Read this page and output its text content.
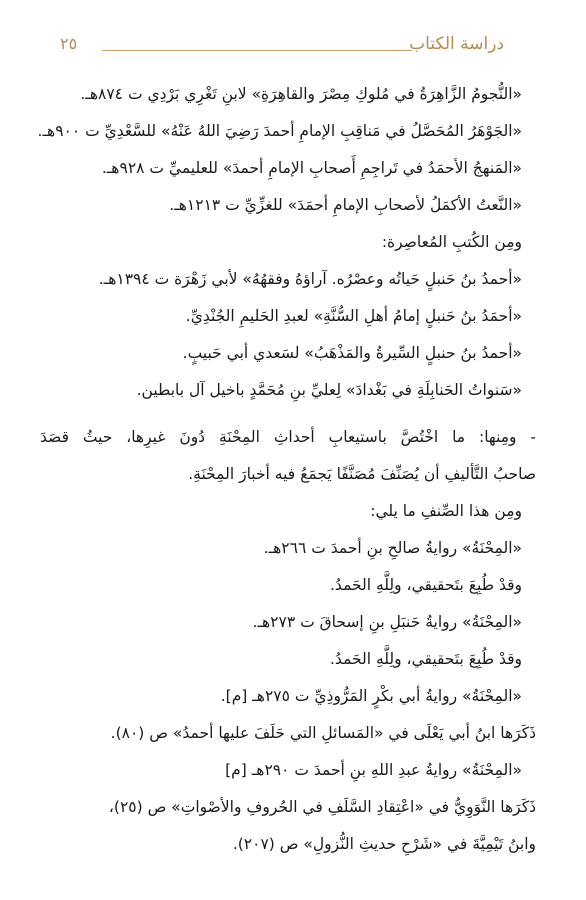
دراسة الكتاب
٢٥
«النُّجومُ الزَّاهِرَةُ في مُلوكِ مِصْرَ والقاهِرَةِ» لابنِ تَغْرِي بَرْدِي ت ٨٧٤هـ.
«الجَوْهَرُ المُحَصَّلُ في مَناقِبِ الإمامِ أحمدَ رَضِيَ اللهُ عَنْهُ» للسَّعْدِيِّ ت ٩٠٠هـ.
«المَنهجُ الأحمَدُ في تَراجِمِ أَصحابِ الإمامِ أحمدَ» للعليميِّ ت ٩٢٨هـ.
«النَّعتُ الأكمَلُ لأصحابِ الإمامِ أحمَدَ» للغزِّيِّ ت ١٢١٣هـ.
ومِن الكُتبِ المُعاصِرة:
«أحمدُ بنُ حَنبلٍ حَياتُه وعصْرُه. آراؤهُ وفقهُهُ» لأبي زَهْرَة ت ١٣٩٤هـ.
«أحمَدُ بنُ حَنبلٍ إمامُ أهلِ السُّنَّةِ» لعبدِ الحَليمِ الجُنْدِيِّ.
«أحمدُ بنُ حنبلٍ السِّيرةُ والمَذْهَبُ» لسَعدي أبي حَبيبٍ.
«سَنواتُ الحَنابِلَةِ في بَغْدادَ» لِعليِّ بنِ مُحَمَّدٍ باخيل آل بابطين.
- ومِنها: ما اخْتُصَّ باستيعابِ أحداثِ المِحْنَةِ دُونَ غيرِها، حيثُ قصَدَ
صاحبُ التَّأليفِ أن يُصَنِّفَ مُصَنَّفًا يَجمَعُ فيه أخبارَ المِحْنَةِ.
ومِن هذا الصِّنفِ ما يلي:
«المِحْنَةُ» روايةُ صالحِ بنِ أحمدَ ت ٢٦٦هـ.
وقدْ طُبِعَ بتَحقيقي، ولِلَّهِ الحَمدُ.
«المِحْنَةُ» روايةُ حَنبَلِ بنِ إسحاقَ ت ٢٧٣هـ.
وقدْ طُبِعَ بتَحقيقي، ولِلَّهِ الحَمدُ.
«المِحْنَةُ» روايةُ أبي بكْرٍ المَرُّوذِيِّ ت ٢٧٥هـ [م].
ذَكَرَها ابنُ أبي يَعْلَى في «المَسائلِ التي حَلَفَ عليها أحمدُ» ص (٨٠).
«المِحْنَةُ» روايةُ عبدِ اللهِ بنِ أحمدَ ت ٢٩٠هـ [م]
ذَكَرَها النَّوَوِيُّ في «اعْتِقادِ السَّلَفِ في الحُروفِ والأصْواتِ» ص (٢٥)،
وابنُ تَيْمِيَّةَ في «شَرْحِ حديثِ النُّزولِ» ص (٢٠٧).
